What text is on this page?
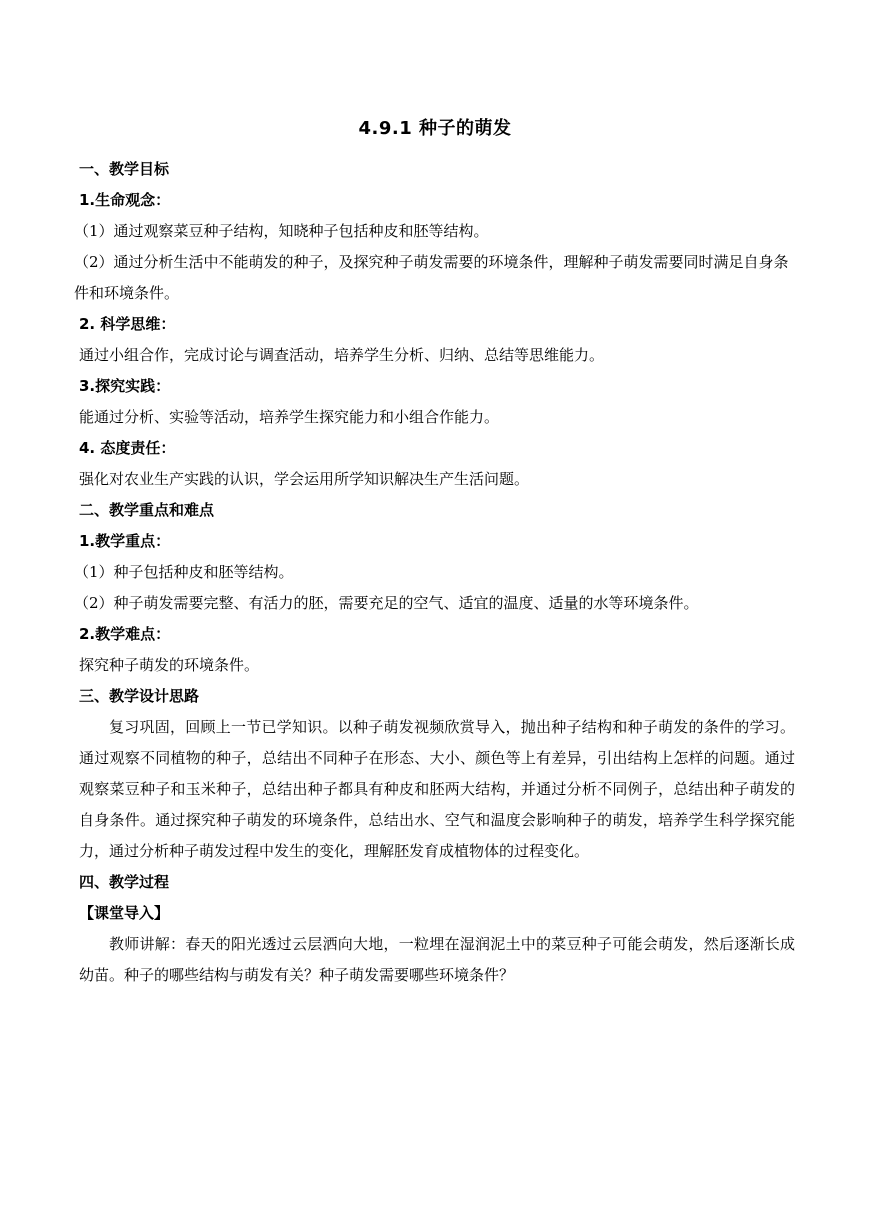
4.9.1 种子的萌发

一、教学目标

1.生命观念：

（1）通过观察菜豆种子结构，知晓种子包括种皮和胚等结构。

（2）通过分析生活中不能萌发的种子，及探究种子萌发需要的环境条件，理解种子萌发需要同时满足自身条件和环境条件。

2. 科学思维：

通过小组合作，完成讨论与调查活动，培养学生分析、归纳、总结等思维能力。

3.探究实践：

能通过分析、实验等活动，培养学生探究能力和小组合作能力。

4. 态度责任：

强化对农业生产实践的认识，学会运用所学知识解决生产生活问题。

二、教学重点和难点

1.教学重点：

（1）种子包括种皮和胚等结构。

（2）种子萌发需要完整、有活力的胚，需要充足的空气、适宜的温度、适量的水等环境条件。

2.教学难点：

探究种子萌发的环境条件。

三、教学设计思路

复习巩固，回顾上一节已学知识。以种子萌发视频欣赏导入，抛出种子结构和种子萌发的条件的学习。通过观察不同植物的种子，总结出不同种子在形态、大小、颜色等上有差异，引出结构上怎样的问题。通过观察菜豆种子和玉米种子，总结出种子都具有种皮和胚两大结构，并通过分析不同例子，总结出种子萌发的自身条件。通过探究种子萌发的环境条件，总结出水、空气和温度会影响种子的萌发，培养学生科学探究能力，通过分析种子萌发过程中发生的变化，理解胚发育成植物体的过程变化。

四、教学过程

【课堂导入】

教师讲解：春天的阳光透过云层洒向大地，一粒埋在湿润泥土中的菜豆种子可能会萌发，然后逐渐长成幼苗。种子的哪些结构与萌发有关？种子萌发需要哪些环境条件？
